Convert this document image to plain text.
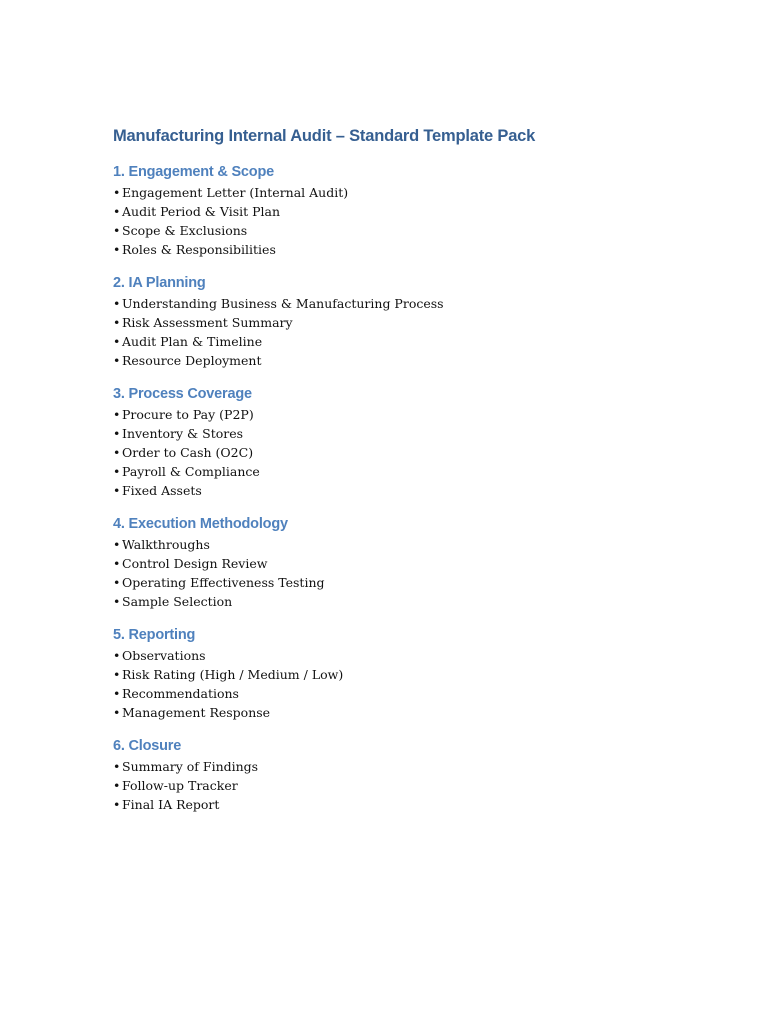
Manufacturing Internal Audit – Standard Template Pack
1. Engagement & Scope
• Engagement Letter (Internal Audit)
• Audit Period & Visit Plan
• Scope & Exclusions
• Roles & Responsibilities
2. IA Planning
• Understanding Business & Manufacturing Process
• Risk Assessment Summary
• Audit Plan & Timeline
• Resource Deployment
3. Process Coverage
• Procure to Pay (P2P)
• Inventory & Stores
• Order to Cash (O2C)
• Payroll & Compliance
• Fixed Assets
4. Execution Methodology
• Walkthroughs
• Control Design Review
• Operating Effectiveness Testing
• Sample Selection
5. Reporting
• Observations
• Risk Rating (High / Medium / Low)
• Recommendations
• Management Response
6. Closure
• Summary of Findings
• Follow-up Tracker
• Final IA Report
